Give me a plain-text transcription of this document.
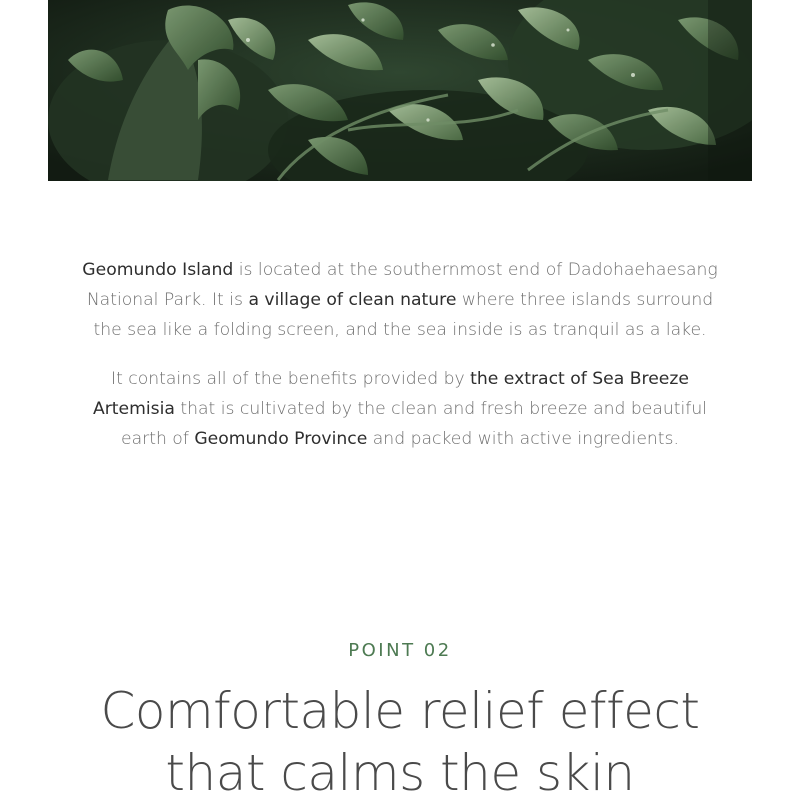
Geomundo Island is located at the southernmost end of Dadohaehaesang National Park. It is a village of clean nature where three islands surround the sea like a folding screen, and the sea inside is as tranquil as a lake.

It contains all of the benefits provided by the extract of Sea Breeze Artemisia that is cultivated by the clean and fresh breeze and beautiful earth of Geomundo Province and packed with active ingredients.

POINT 02

Comfortable relief effect
that calms the skin
